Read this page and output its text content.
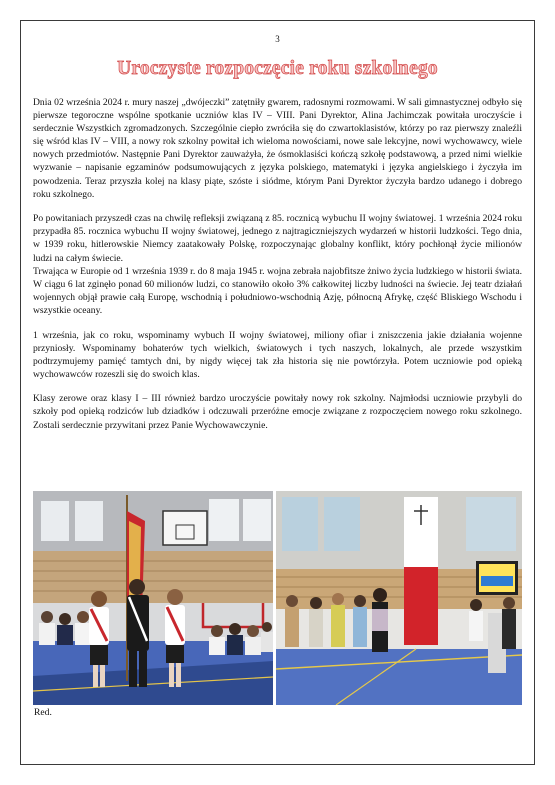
3
Uroczyste rozpoczęcie roku szkolnego

Dnia 02 września 2024 r. mury naszej „dwójeczki” zatętniły gwarem, radosnymi rozmowami. W sali gimnastycznej odbyło się pierwsze tegoroczne wspólne spotkanie uczniów klas IV – VIII. Pani Dyrektor, Alina Jachimczak powitała uroczyście i serdecznie Wszystkich zgromadzonych. Szczególnie ciepło zwróciła się do czwartoklasistów, którzy po raz pierwszy znaleźli się wśród klas IV – VIII, a nowy rok szkolny powitał ich wieloma nowościami, nowe sale lekcyjne, nowi wychowawcy, wiele nowych przedmiotów. Następnie Pani Dyrektor zauważyła, że ósmoklasiści kończą szkołę podstawową, a przed nimi wielkie wyzwanie – napisanie egzaminów podsumowujących z języka polskiego, matematyki i języka angielskiego i życzyła im powodzenia. Teraz przyszła kolej na klasy piąte, szóste i siódme, którym Pani Dyrektor życzyła bardzo udanego i dobrego roku szkolnego.

Po powitaniach przyszedł czas na chwilę refleksji związaną z 85. rocznicą wybuchu II wojny światowej. 1 września 2024 roku przypadła 85. rocznica wybuchu II wojny światowej, jednego z najtragiczniejszych wydarzeń w historii ludzkości. Tego dnia, w 1939 roku, hitlerowskie Niemcy zaatakowały Polskę, rozpoczynając globalny konflikt, który pochłonął życie milionów ludzi na całym świecie.

Trwająca w Europie od 1 września 1939 r. do 8 maja 1945 r. wojna zebrała najobfitsze żniwo życia ludzkiego w historii świata. W ciągu 6 lat zginęło ponad 60 milionów ludzi, co stanowiło około 3% całkowitej liczby ludności na świecie. Jej teatr działań wojennych objął prawie całą Europę, wschodnią i południowo-wschodnią Azję, północną Afrykę, część Bliskiego Wschodu i wszystkie oceany.

1 września, jak co roku, wspominamy wybuch II wojny światowej, miliony ofiar i zniszczenia jakie działania wojenne przyniosły. Wspominamy bohaterów tych wielkich, światowych i tych naszych, lokalnych, ale przede wszystkim podtrzymujemy pamięć tamtych dni, by nigdy więcej tak zła historia się nie powtórzyła. Potem uczniowie pod opieką wychowawców rozeszli się do swoich klas.

Klasy zerowe oraz klasy I – III również bardzo uroczyście powitały nowy rok szkolny. Najmłodsi uczniowie przybyli do szkoły pod opieką rodziców lub dziadków i odczuwali przeróżne emocje związane z rozpoczęciem nowego roku szkolnego. Zostali serdecznie przywitani przez Panie Wychowawczynie.

Red.
